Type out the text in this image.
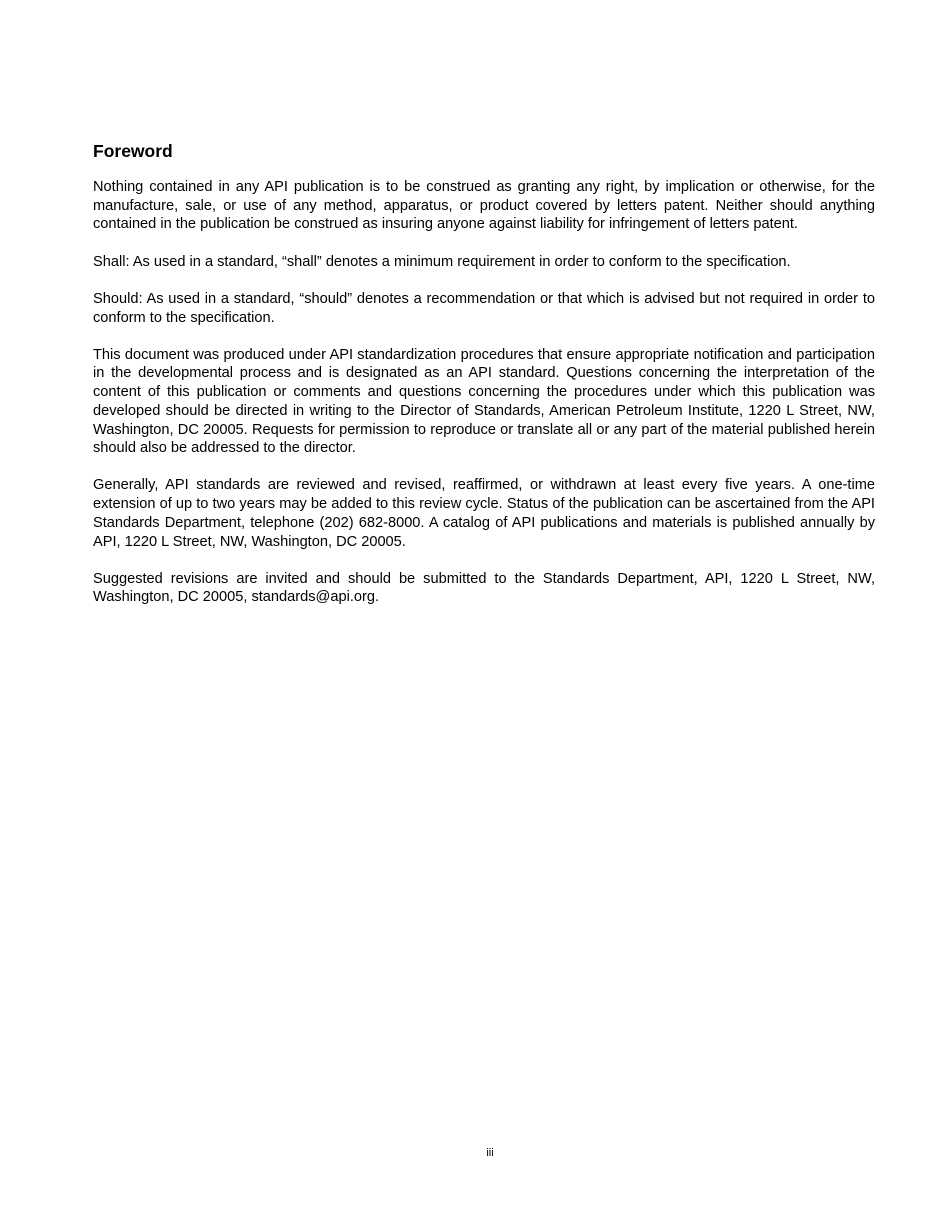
Foreword

Nothing contained in any API publication is to be construed as granting any right, by implication or otherwise, for the manufacture, sale, or use of any method, apparatus, or product covered by letters patent. Neither should anything contained in the publication be construed as insuring anyone against liability for infringement of letters patent.

Shall: As used in a standard, “shall” denotes a minimum requirement in order to conform to the specification.

Should: As used in a standard, “should” denotes a recommendation or that which is advised but not required in order to conform to the specification.

This document was produced under API standardization procedures that ensure appropriate notification and participation in the developmental process and is designated as an API standard. Questions concerning the interpretation of the content of this publication or comments and questions concerning the procedures under which this publication was developed should be directed in writing to the Director of Standards, American Petroleum Institute, 1220 L Street, NW, Washington, DC 20005. Requests for permission to reproduce or translate all or any part of the material published herein should also be addressed to the director.

Generally, API standards are reviewed and revised, reaffirmed, or withdrawn at least every five years. A one-time extension of up to two years may be added to this review cycle. Status of the publication can be ascertained from the API Standards Department, telephone (202) 682-8000. A catalog of API publications and materials is published annually by API, 1220 L Street, NW, Washington, DC 20005.

Suggested revisions are invited and should be submitted to the Standards Department, API, 1220 L Street, NW, Washington, DC 20005, standards@api.org.

iii
